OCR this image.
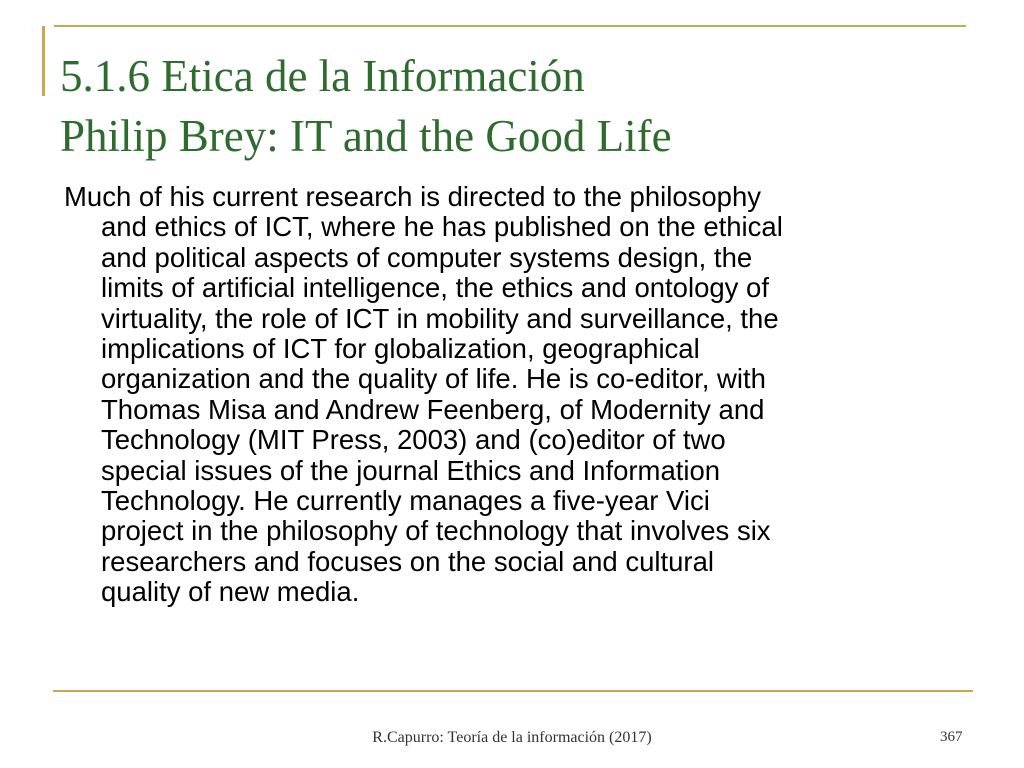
5.1.6 Etica de la Información
Philip Brey: IT and the Good Life
Much of his current research is directed to the philosophy
and ethics of ICT, where he has published on the ethical
and political aspects of computer systems design, the
limits of artificial intelligence, the ethics and ontology of
virtuality, the role of ICT in mobility and surveillance, the
implications of ICT for globalization, geographical
organization and the quality of life. He is co-editor, with
Thomas Misa and Andrew Feenberg, of Modernity and
Technology (MIT Press, 2003) and (co)editor of two
special issues of the journal Ethics and Information
Technology. He currently manages a five-year Vici
project in the philosophy of technology that involves six
researchers and focuses on the social and cultural
quality of new media.
R.Capurro: Teoría de la información (2017)	367
